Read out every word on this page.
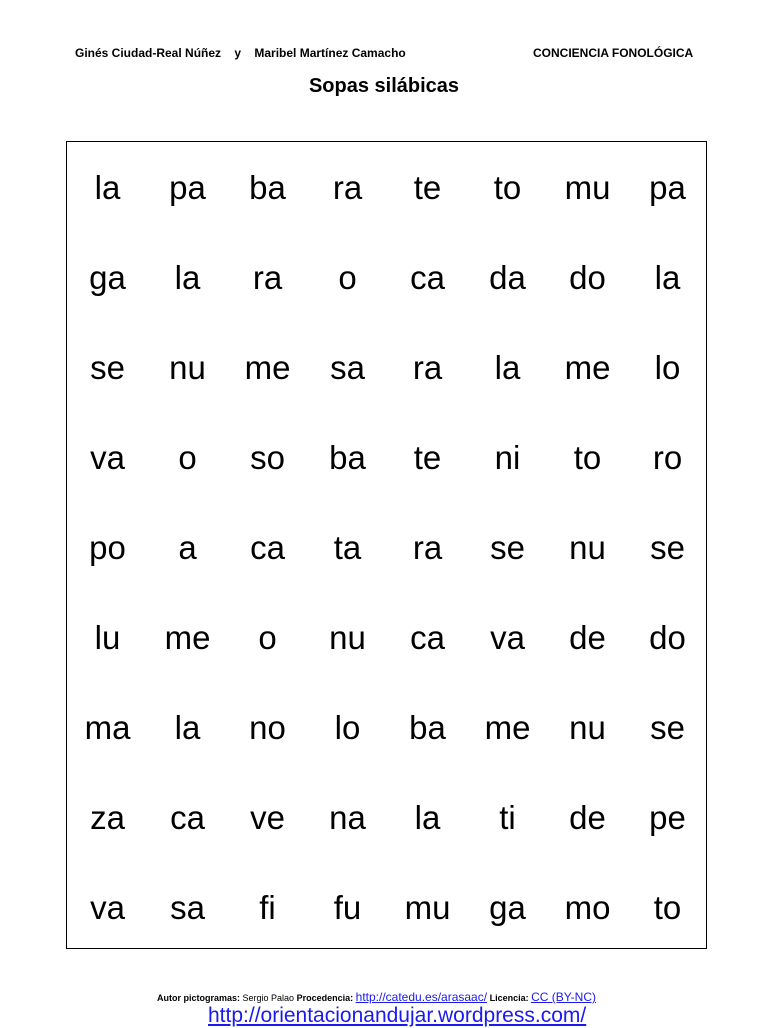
Ginés Ciudad-Real Núñez    y    Maribel Martínez Camacho	CONCIENCIA FONOLÓGICA
Sopas silábicas
la	pa	ba	ra	te	to	mu	pa
ga	la	ra	o	ca	da	do	la
se	nu	me	sa	ra	la	me	lo
va	o	so	ba	te	ni	to	ro
po	a	ca	ta	ra	se	nu	se
lu	me	o	nu	ca	va	de	do
ma	la	no	lo	ba	me	nu	se
za	ca	ve	na	la	ti	de	pe
va	sa	fi	fu	mu	ga	mo	to
Autor pictogramas: Sergio Palao Procedencia: http://catedu.es/arasaac/ Licencia: CC (BY-NC)
http://orientacionandujar.wordpress.com/
